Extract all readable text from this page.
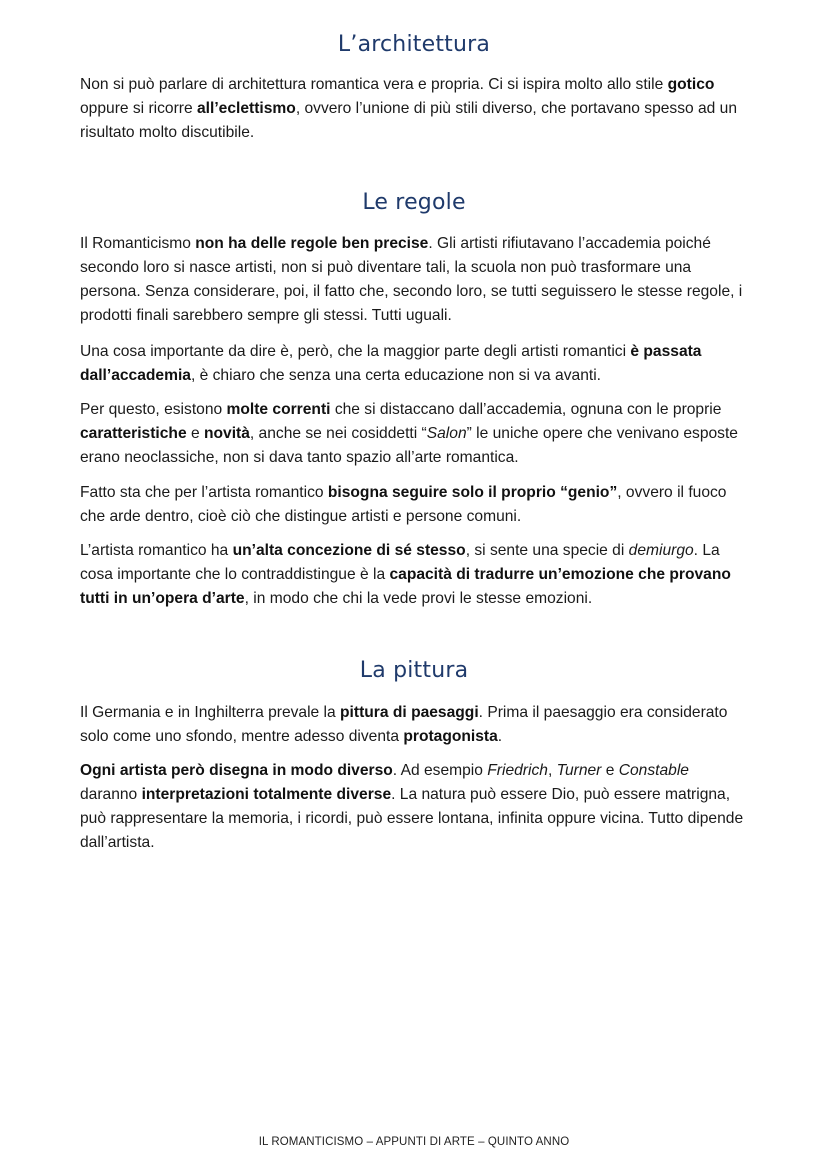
L’architettura

Non si può parlare di architettura romantica vera e propria. Ci si ispira molto allo stile gotico oppure si ricorre all’eclettismo, ovvero l’unione di più stili diverso, che portavano spesso ad un risultato molto discutibile.

Le regole

Il Romanticismo non ha delle regole ben precise. Gli artisti rifiutavano l’accademia poiché secondo loro si nasce artisti, non si può diventare tali, la scuola non può trasformare una persona. Senza considerare, poi, il fatto che, secondo loro, se tutti seguissero le stesse regole, i prodotti finali sarebbero sempre gli stessi. Tutti uguali.

Una cosa importante da dire è, però, che la maggior parte degli artisti romantici è passata dall’accademia, è chiaro che senza una certa educazione non si va avanti.

Per questo, esistono molte correnti che si distaccano dall’accademia, ognuna con le proprie caratteristiche e novità, anche se nei cosiddetti “Salon” le uniche opere che venivano esposte erano neoclassiche, non si dava tanto spazio all’arte romantica.

Fatto sta che per l’artista romantico bisogna seguire solo il proprio “genio”, ovvero il fuoco che arde dentro, cioè ciò che distingue artisti e persone comuni.

L’artista romantico ha un’alta concezione di sé stesso, si sente una specie di demiurgo. La cosa importante che lo contraddistingue è la capacità di tradurre un’emozione che provano tutti in un’opera d’arte, in modo che chi la vede provi le stesse emozioni.

La pittura

Il Germania e in Inghilterra prevale la pittura di paesaggi. Prima il paesaggio era considerato solo come uno sfondo, mentre adesso diventa protagonista.

Ogni artista però disegna in modo diverso. Ad esempio Friedrich, Turner e Constable daranno interpretazioni totalmente diverse. La natura può essere Dio, può essere matrigna, può rappresentare la memoria, i ricordi, può essere lontana, infinita oppure vicina. Tutto dipende dall’artista.

IL ROMANTICISMO – APPUNTI DI ARTE – QUINTO ANNO
